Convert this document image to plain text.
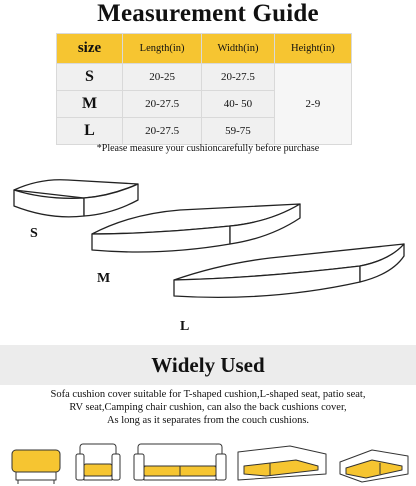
Measurement Guide
size	Length(in)	Width(in)	Height(in)
S	20-25	20-27.5	2-9
M	20-27.5	40- 50	
L	20-27.5	59-75	
*Please measure your cushioncarefully before purchase
S
M
L
Widely Used

Sofa cushion cover suitable for T-shaped cushion,L-shaped seat, patio seat,

RV seat,Camping chair cushion, can also the back cushions cover,

As long as it separates from the couch cushions.
